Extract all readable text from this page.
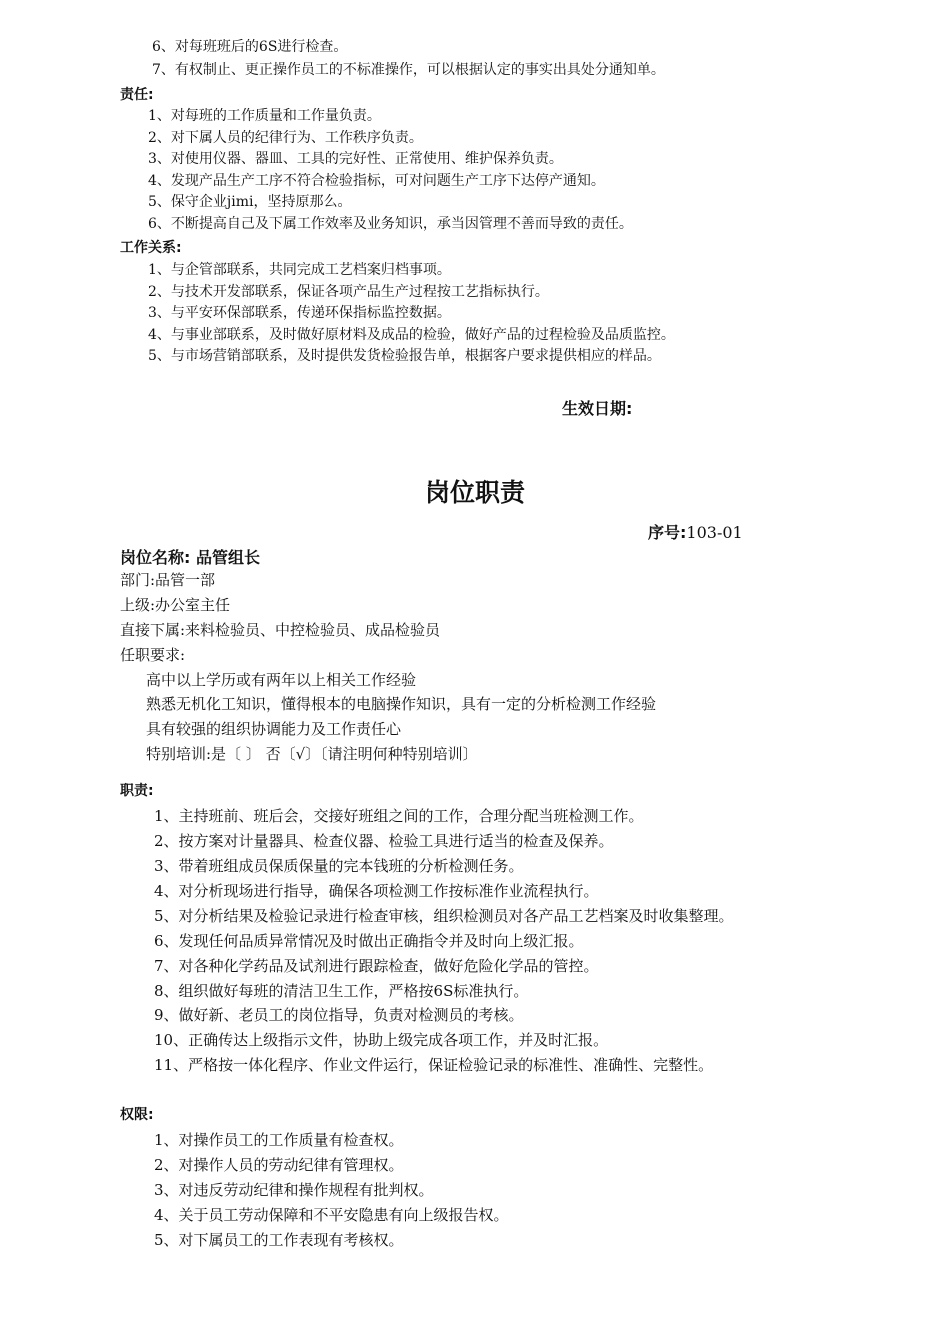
6、对每班班后的6S进行检查。
7、有权制止、更正操作员工的不标准操作，可以根据认定的事实出具处分通知单。
责任:
1、对每班的工作质量和工作量负责。
2、对下属人员的纪律行为、工作秩序负责。
3、对使用仪器、器皿、工具的完好性、正常使用、维护保养负责。
4、发现产品生产工序不符合检验指标，可对问题生产工序下达停产通知。
5、保守企业jimi，坚持原那么。
6、不断提高自己及下属工作效率及业务知识，承当因管理不善而导致的责任。
工作关系:
1、与企管部联系，共同完成工艺档案归档事项。
2、与技术开发部联系，保证各项产品生产过程按工艺指标执行。
3、与平安环保部联系，传递环保指标监控数据。
4、与事业部联系，及时做好原材料及成品的检验，做好产品的过程检验及品质监控。
5、与市场营销部联系，及时提供发货检验报告单，根据客户要求提供相应的样品。
生效日期:
岗位职责
序号:103-01
岗位名称: 品管组长
部门:品管一部
上级:办公室主任
直接下属:来料检验员、中控检验员、成品检验员
任职要求:
高中以上学历或有两年以上相关工作经验
熟悉无机化工知识，懂得根本的电脑操作知识，具有一定的分析检测工作经验
具有较强的组织协调能力及工作责任心
特别培训:是〔 〕 否〔√〕〔请注明何种特别培训〕
职责:
1、主持班前、班后会，交接好班组之间的工作，合理分配当班检测工作。
2、按方案对计量器具、检查仪器、检验工具进行适当的检查及保养。
3、带着班组成员保质保量的完本钱班的分析检测任务。
4、对分析现场进行指导，确保各项检测工作按标准作业流程执行。
5、对分析结果及检验记录进行检查审核，组织检测员对各产品工艺档案及时收集整理。
6、发现任何品质异常情况及时做出正确指令并及时向上级汇报。
7、对各种化学药品及试剂进行跟踪检查，做好危险化学品的管控。
8、组织做好每班的清洁卫生工作，严格按6S标准执行。
9、做好新、老员工的岗位指导，负责对检测员的考核。
10、正确传达上级指示文件，协助上级完成各项工作，并及时汇报。
11、严格按一体化程序、作业文件运行，保证检验记录的标准性、准确性、完整性。
权限:
1、对操作员工的工作质量有检查权。
2、对操作人员的劳动纪律有管理权。
3、对违反劳动纪律和操作规程有批判权。
4、关于员工劳动保障和不平安隐患有向上级报告权。
5、对下属员工的工作表现有考核权。
